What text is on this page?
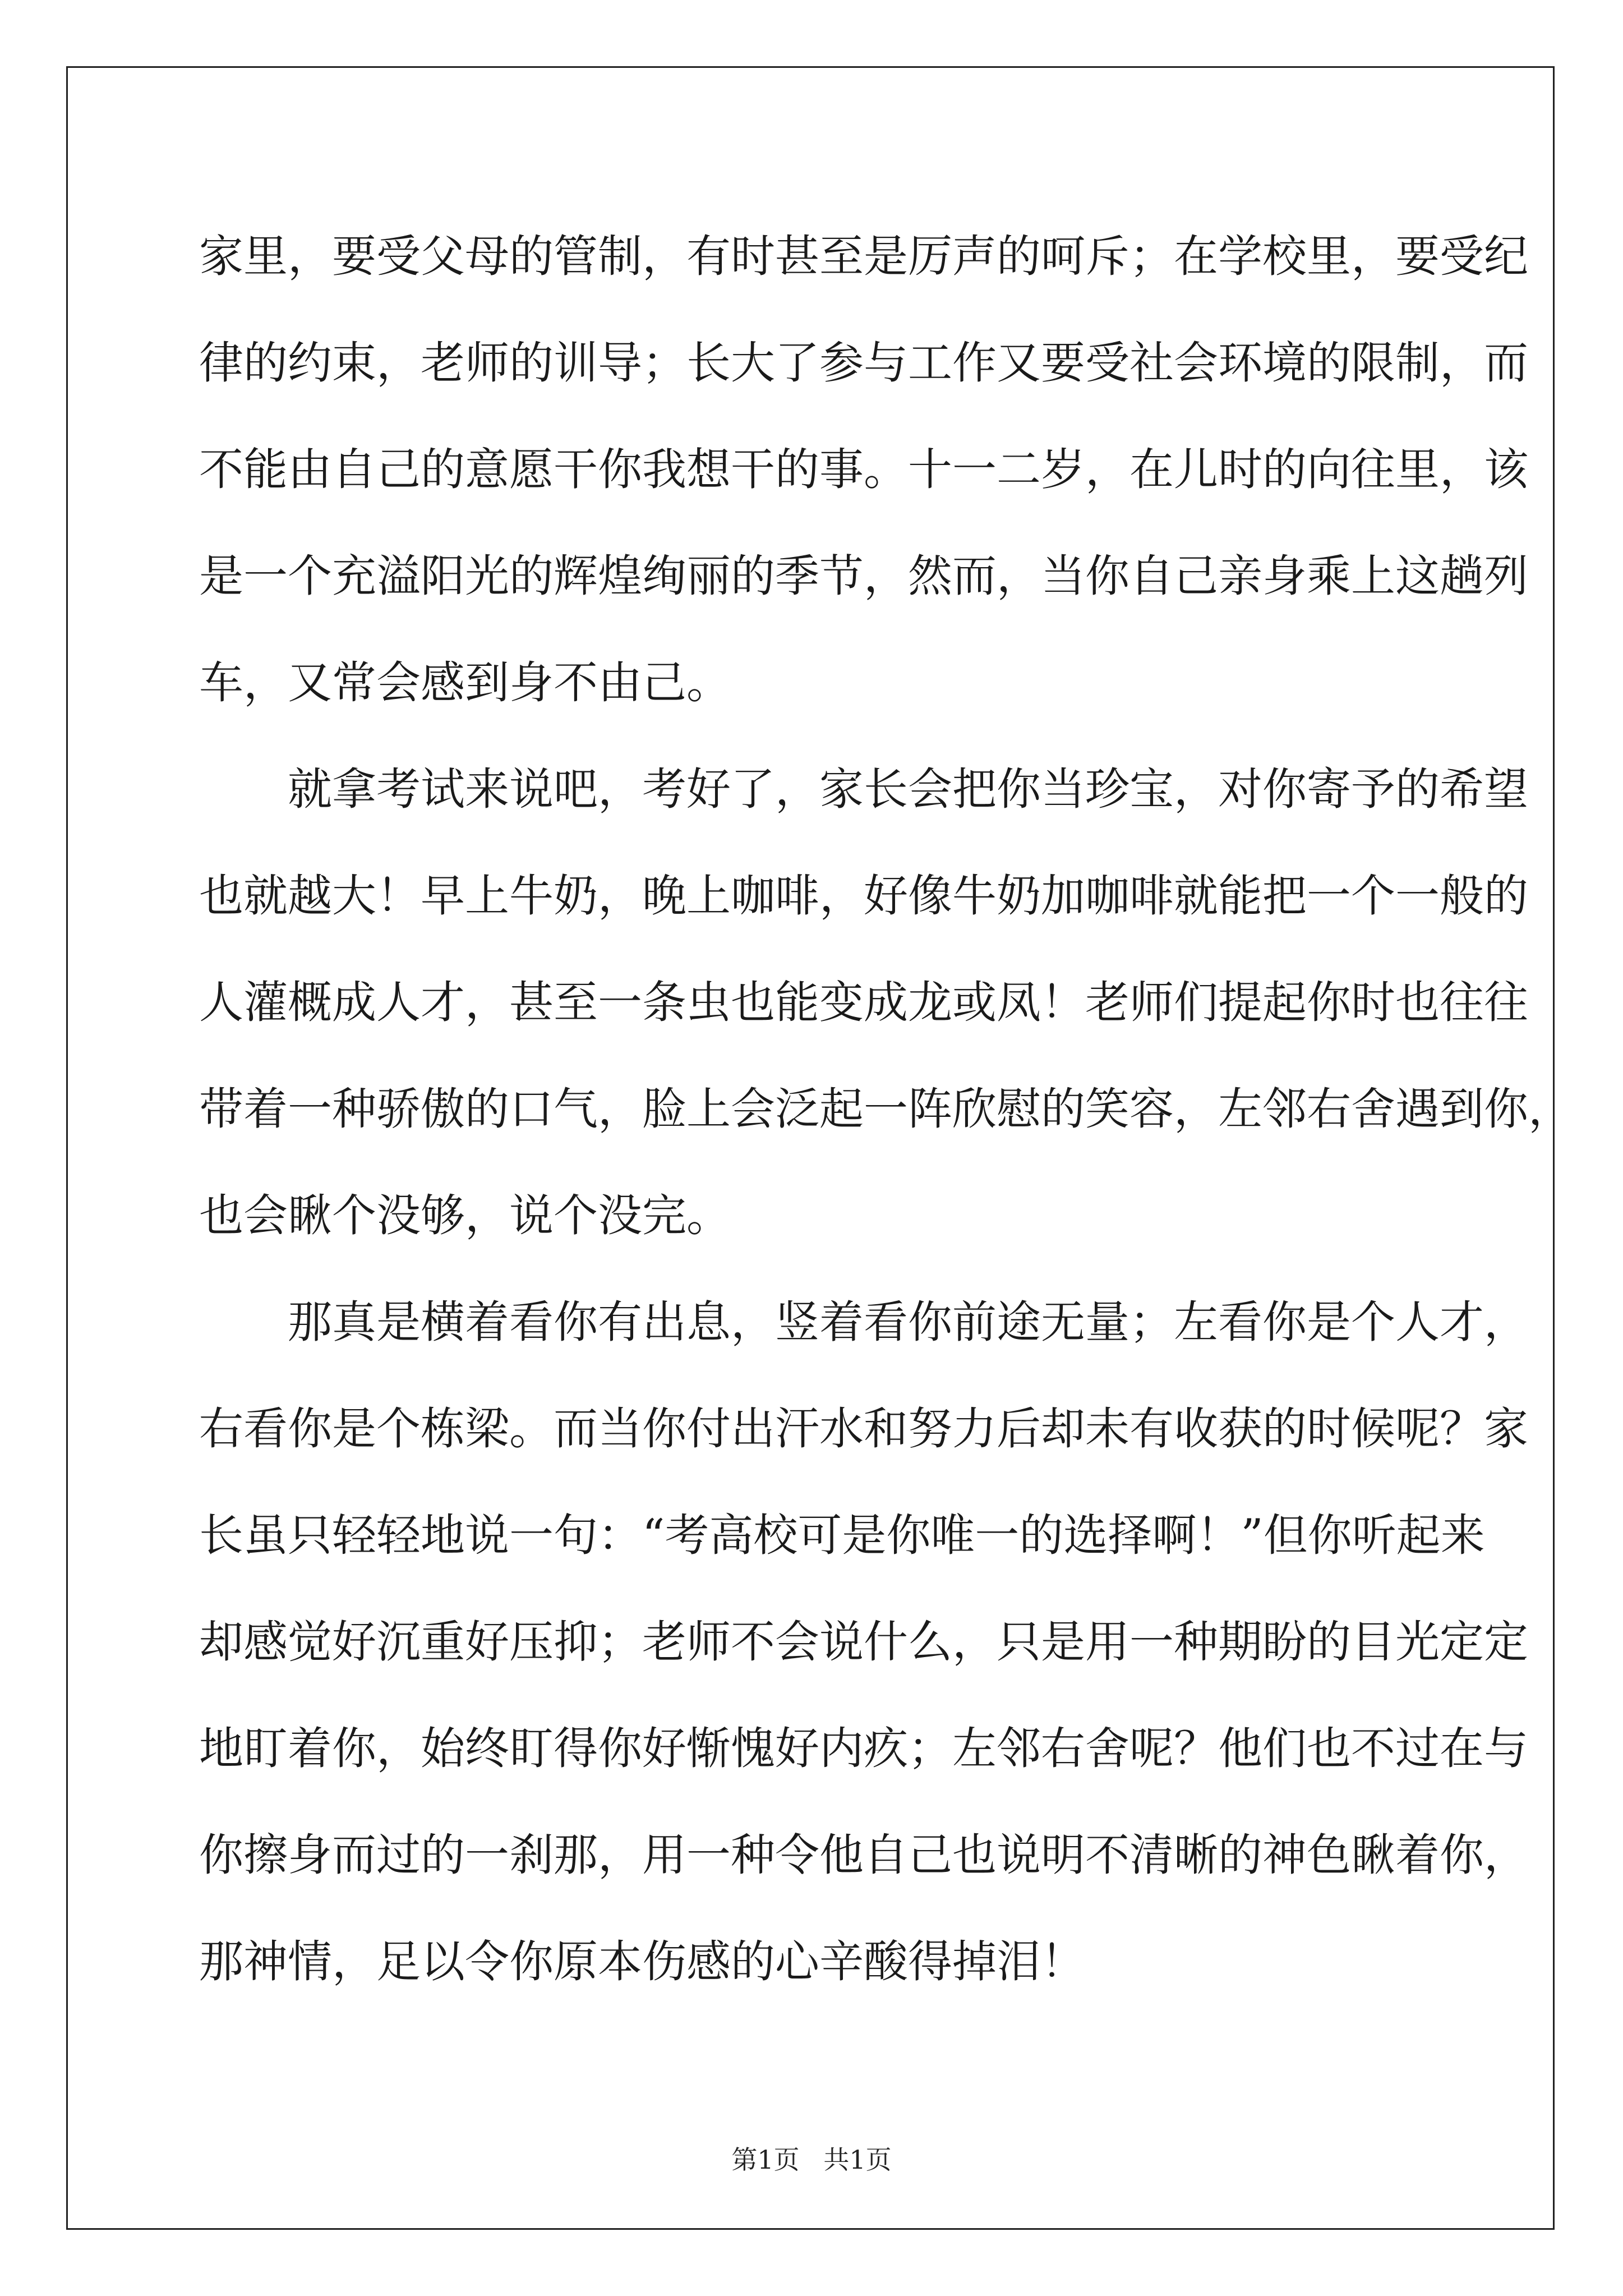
家 里 ， 要 受 父 母 的 管 制 ， 有 时 甚 至 是 厉 声 的 呵 斥 ； 在 学 校 里 ， 要 受 纪
律 的 约 束 ， 老 师 的 训 导 ； 长 大 了 参 与 工 作 又 要 受 社 会 环 境 的 限 制 ， 而
不 能 由 自 己 的 意 愿 干 你 我 想 干 的 事 。 十 一 二 岁 ， 在 儿 时 的 向 往 里 ， 该
是 一 个 充 溢 阳 光 的 辉 煌 绚 丽 的 季 节 ， 然 而 ， 当 你 自 己 亲 身 乘 上 这 趟 列
车，又常会感到身不由己。

就 拿 考 试 来 说 吧 ， 考 好 了 ， 家 长 会 把 你 当 珍 宝 ， 对 你 寄 予 的 希 望
也 就 越 大 ！ 早 上 牛 奶 ， 晚 上 咖 啡 ， 好 像 牛 奶 加 咖 啡 就 能 把 一 个 一 般 的
人 灌 概 成 人 才 ， 甚 至 一 条 虫 也 能 变 成 龙 或 凤 ！ 老 师 们 提 起 你 时 也 往 往
带 着 一 种 骄 傲 的 口 气 ， 脸 上 会 泛 起 一 阵 欣 慰 的 笑 容 ， 左 邻 右 舍 遇 到 你 ，
也会瞅个没够，说个没完。

那 真 是 横 着 看 你 有 出 息 ， 竖 着 看 你 前 途 无 量 ； 左 看 你 是 个 人 才 ，
右 看 你 是 个 栋 梁 。 而 当 你 付 出 汗 水 和 努 力 后 却 未 有 收 获 的 时 候 呢 ？ 家
长 虽 只 轻 轻 地 说 一 句 ： “ 考 高 校 可 是 你 唯 一 的 选 择 啊 ！ ” 但 你 听 起 来
却 感 觉 好 沉 重 好 压 抑 ； 老 师 不 会 说 什 么 ， 只 是 用 一 种 期 盼 的 目 光 定 定
地 盯 着 你 ， 始 终 盯 得 你 好 惭 愧 好 内 疚 ； 左 邻 右 舍 呢 ？ 他 们 也 不 过 在 与
你 擦 身 而 过 的 一 刹 那 ， 用 一 种 令 他 自 己 也 说 明 不 清 晰 的 神 色 瞅 着 你 ，
那神情，足以令你原本伤感的心辛酸得掉泪！
第1页 共1页
